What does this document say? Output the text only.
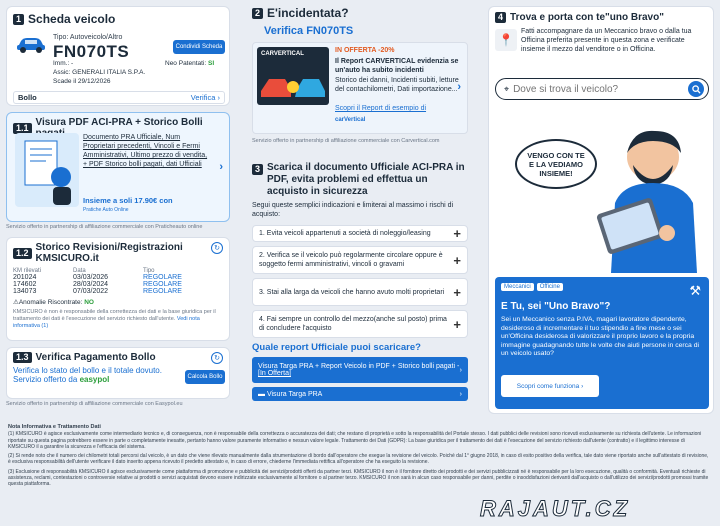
1 Scheda veicolo
Tipo: Autoveicolo/Altro
FN070TS	Condividi Scheda
Imm.: -	Neo Patentati: SI
Assic: GENERALI ITALIA S.P.A.
Scade il 29/12/2026
Bollo	Verifica ›
1.1 Visura PDF ACI-PRA + Storico Bolli
Documento PRA Ufficiale, Num Proprietari precedenti, Vincoli e Fermi Amministrativi, Ultimo prezzo di vendita, + PDF Storico bolli pagati, dati Ufficiali
Insieme a soli 17.90€ con
Pratiche Auto Online
›
Servizio offerto in partnership di affiliazione commerciale con Praticheauto online
1.2 Storico Revisioni/Registrazioni KMSICURO.it
↻
KM rilevati	Data	Tipo
201024	03/03/2026	REGOLARE
174602	28/03/2024	REGOLARE
134073	07/03/2022	REGOLARE
⚠Anomalie Riscontrate: NO
KMSICURO è non è responsabile della correttezza dei dati e la base giuridica per il trattamento dei dati è l'esecuzione del servizio richiesto dall'utente. Vedi nota informativa (1)
1.3 Verifica Pagamento Bollo	↻
Verifica lo stato del bollo e il totale dovuto. Servizio offerto da easypol	Calcola Bollo
Servizio offerto in partnership di affiliazione commerciale con Easypol.eu
2 E'incidentata?
Verifica FN070TS
CARVERTICAL	IN OFFERTA -20%
Il Report CARVERTICAL evidenzia se un'auto ha subito incidenti
Storico dei danni, Incidenti subiti, letture del contachilometri, Dati importazione...
Scopri il Report di esempio di
carVertical
›
Servizio offerto in partnership di affiliazione commerciale con Carvertical.com
3 Scarica il documento Ufficiale ACI-PRA in PDF, evita problemi ed effettua un acquisto in sicurezza
Segui queste semplici indicazioni e limiterai al massimo i rischi di acquisto:
1. Evita veicoli appartenuti a società di noleggio/leasing +
2. Verifica se il veicolo può regolarmente circolare oppure è soggetto fermi amministrativi, vincoli o gravami	+
3. Stai alla larga da veicoli che hanno avuto molti proprietari +
4. Fai sempre un controllo del mezzo(anche sul posto) prima di concludere l'acquisto	+
Quale report Ufficiale puoi scaricare?
Visura Targa PRA + Report Veicolo in PDF + Storico bolli pagati - [In Offerta]	›
▬ Visura Targa PRA	›
4 Trova e porta con te"uno Bravo"
📍
Fatti accompagnare da un Meccanico bravo o dalla tua Officina preferita presente in questa zona e verificate insieme il mezzo dal venditore o in Officina.
⌖
Dove si trova il veicolo?
VENGO CON TE E LA VEDIAMO INSIEME!
Meccanici	Officine	⚒
E Tu, sei "Uno Bravo"?
Sei un Meccanico senza P.IVA, magari lavoratore dipendente, desideroso di incrementare il tuo stipendio a fine mese o sei un'Officina desiderosa di valorizzare il proprio lavoro e la propria immagine guadagnando tutte le volte che aiuti persone in cerca di un veicolo usato?
Scopri come funziona
›
Nota Informativa e Trattamento Dati
(1) KMSICURO è agisce esclusivamente come intermediario tecnico e, di conseguenza, non è responsabile della correttezza o accuratezza dei dati; che restano di proprietà e sotto la responsabilità del Portale stesso. I dati pubblici delle revisioni sono ricevuti esclusivamente su richiesta dell'utente. Le informazioni riportate su questa pagina potrebbero essere in parte o completamente inesatte, pertanto hanno valore puramente informativo e nessun valore legale. Trattamento dei Dati (GDPR): La base giuridica per il trattamento dei dati è l'esecuzione del servizio richiesto dall'utente (contratto) e il legittimo interesse di KMSICURO il a garantire la sicurezza e l'efficacia del sistema.
(2) Si rende noto che il numero dei chilometri totali percorsi dal veicolo, è un dato che viene rilevato manualmente dalla strumentazione di bordo dall'operatore che esegue la revisione del veicolo. Poiché dal 1° giugno 2018, in caso di esito positivo della verifica, tale dato viene riportato anche sull'attestato di revisione, è esclusiva responsabilità dell'utente verificare il dato inserito appena ricevuto il predetto attestato e, in caso di errore, chiederne l'immediata rettifica all'operatore che ha eseguito la revisione.
(3) Esclusione di responsabilità KMSICURO il agisce esclusivamente come piattaforma di promozione e pubblicità dei servizi/prodotti offerti da partner terzi. KMSICURO il non è il fornitore diretto dei prodotti e dei servizi pubblicizzati né è responsabile per la loro esecuzione, qualità o conformità. Eventuali richieste di assistenza, reclami, contestazioni o controversie relative ai prodotti o servizi acquistati devono essere indirizzate esclusivamente al fornitore o al partner terzo. KMSICURO il non sarà in alcun caso responsabile per danni, perdite o insoddisfazioni derivanti dall'acquisto o dall'utilizzo dei servizi/prodotti promossi tramite questa piattaforma.
RAJAUT.CZ
